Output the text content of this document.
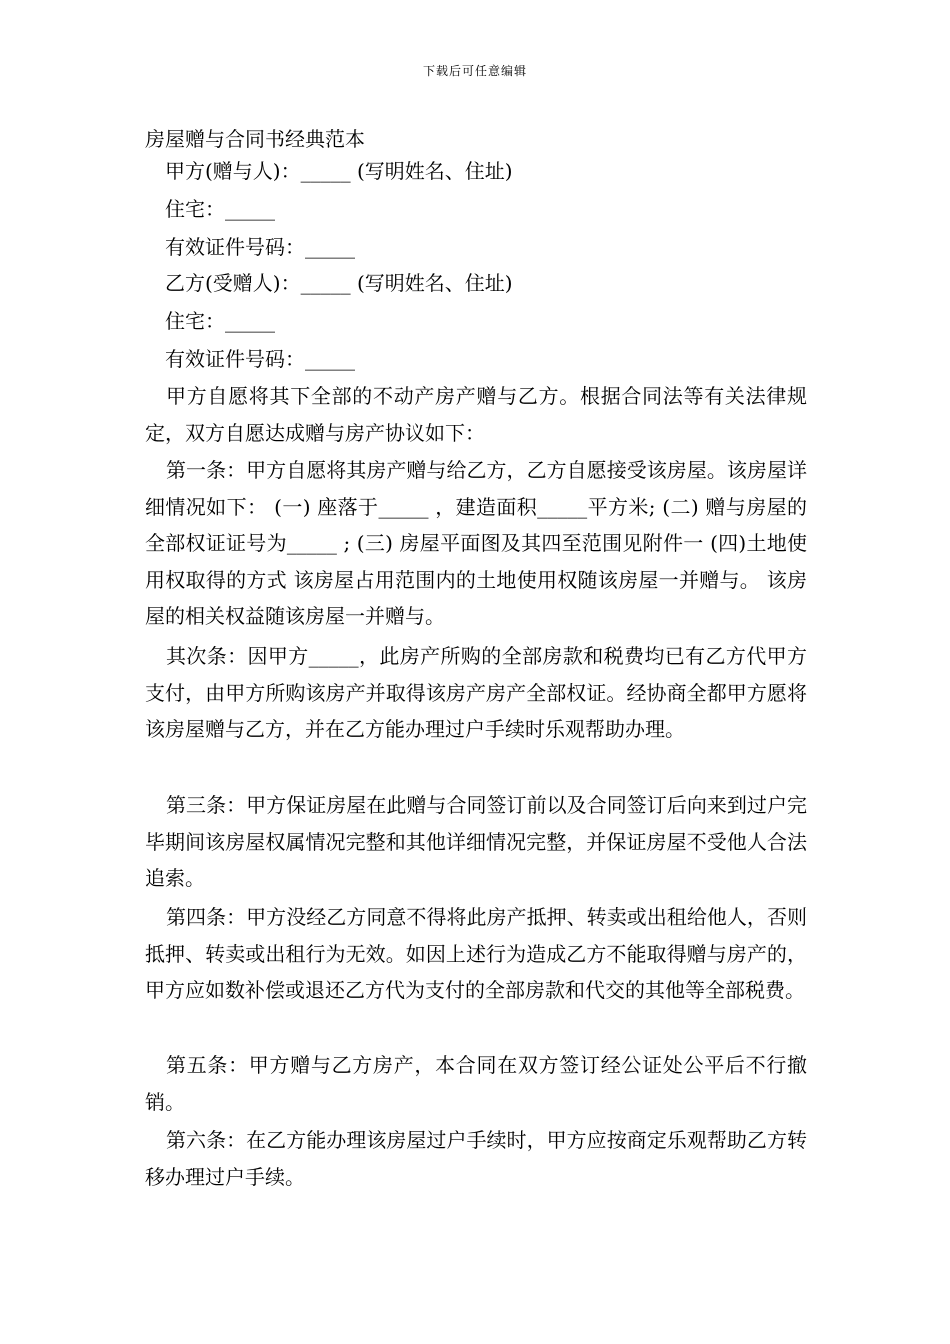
下载后可任意编辑
房屋赠与合同书经典范本
甲方(赠与人)：_____ (写明姓名、住址)
住宅：_____
有效证件号码：_____
乙方(受赠人)：_____ (写明姓名、住址)
住宅：_____
有效证件号码：_____

甲方自愿将其下全部的不动产房产赠与乙方。根据合同法等有关法律规定，双方自愿达成赠与房产协议如下：

第一条：甲方自愿将其房产赠与给乙方，乙方自愿接受该房屋。该房屋详细情况如下： (一) 座落于_____ ，建造面积_____平方米; (二) 赠与房屋的全部权证证号为_____ ; (三) 房屋平面图及其四至范围见附件一 (四)土地使用权取得的方式 该房屋占用范围内的土地使用权随该房屋一并赠与。 该房屋的相关权益随该房屋一并赠与。

其次条：因甲方_____，此房产所购的全部房款和税费均已有乙方代甲方支付，由甲方所购该房产并取得该房产房产全部权证。经协商全都甲方愿将该房屋赠与乙方，并在乙方能办理过户手续时乐观帮助办理。

第三条：甲方保证房屋在此赠与合同签订前以及合同签订后向来到过户完毕期间该房屋权属情况完整和其他详细情况完整，并保证房屋不受他人合法追索。

第四条：甲方没经乙方同意不得将此房产抵押、转卖或出租给他人，否则抵押、转卖或出租行为无效。如因上述行为造成乙方不能取得赠与房产的，甲方应如数补偿或退还乙方代为支付的全部房款和代交的其他等全部税费。

第五条：甲方赠与乙方房产，本合同在双方签订经公证处公平后不行撤销。

第六条：在乙方能办理该房屋过户手续时，甲方应按商定乐观帮助乙方转移办理过户手续。
